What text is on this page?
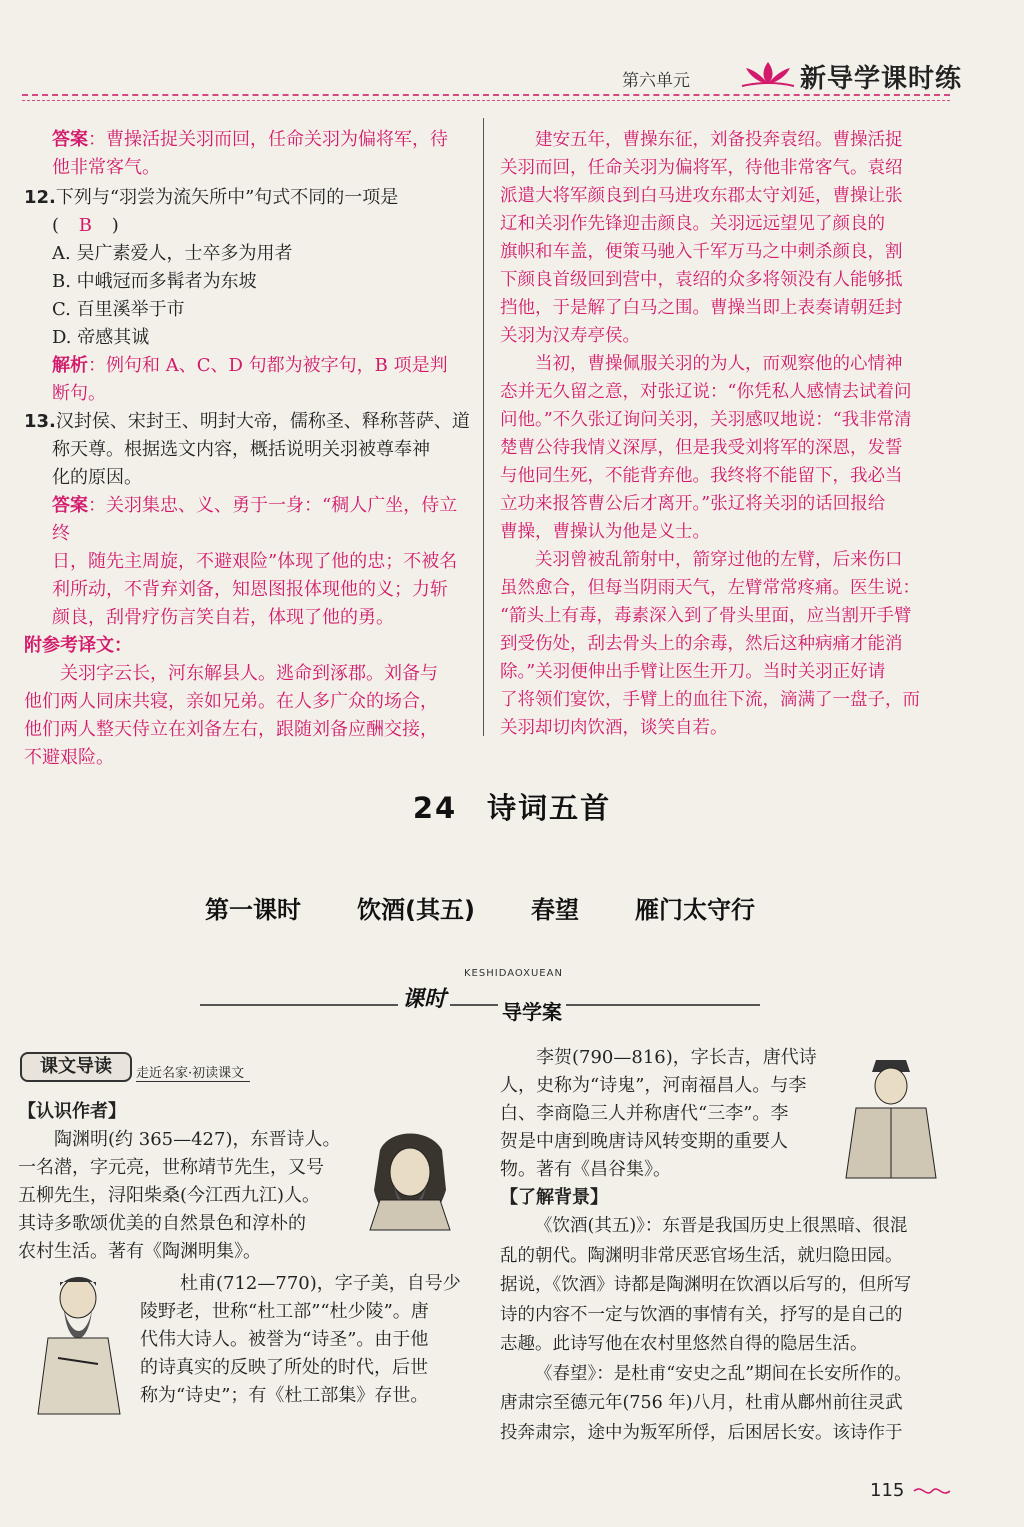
第六单元	新导学课时练
答案：曹操活捉关羽而回，任命关羽为偏将军，待
他非常客气。
12.下列与“羽尝为流矢所中”句式不同的一项是
( B )
A. 吴广素爱人，士卒多为用者
B. 中峨冠而多髯者为东坡
C. 百里溪举于市
D. 帝感其诚
解析：例句和 A、C、D 句都为被字句，B 项是判
断句。
13.汉封侯、宋封王、明封大帝，儒称圣、释称菩萨、道
称天尊。根据选文内容，概括说明关羽被尊奉神
化的原因。
答案：关羽集忠、义、勇于一身：“稠人广坐，侍立终
日，随先主周旋，不避艰险”体现了他的忠；不被名
利所动，不背弃刘备，知恩图报体现他的义；力斩
颜良，刮骨疗伤言笑自若，体现了他的勇。
附参考译文：
关羽字云长，河东解县人。逃命到涿郡。刘备与
他们两人同床共寝，亲如兄弟。在人多广众的场合，
他们两人整天侍立在刘备左右，跟随刘备应酬交接，
不避艰险。
建安五年，曹操东征，刘备投奔袁绍。曹操活捉
关羽而回，任命关羽为偏将军，待他非常客气。袁绍
派遣大将军颜良到白马进攻东郡太守刘延，曹操让张
辽和关羽作先锋迎击颜良。关羽远远望见了颜良的
旗帜和车盖，便策马驰入千军万马之中刺杀颜良，割
下颜良首级回到营中，袁绍的众多将领没有人能够抵
挡他，于是解了白马之围。曹操当即上表奏请朝廷封
关羽为汉寿亭侯。
当初，曹操佩服关羽的为人，而观察他的心情神
态并无久留之意，对张辽说：“你凭私人感情去试着问
问他。”不久张辽询问关羽，关羽感叹地说：“我非常清
楚曹公待我情义深厚，但是我受刘将军的深恩，发誓
与他同生死，不能背弃他。我终将不能留下，我必当
立功来报答曹公后才离开。”张辽将关羽的话回报给
曹操，曹操认为他是义士。
关羽曾被乱箭射中，箭穿过他的左臂，后来伤口
虽然愈合，但每当阴雨天气，左臂常常疼痛。医生说：
“箭头上有毒，毒素深入到了骨头里面，应当割开手臂
到受伤处，刮去骨头上的余毒，然后这种病痛才能消
除。”关羽便伸出手臂让医生开刀。当时关羽正好请
了将领们宴饮，手臂上的血往下流，滴满了一盘子，而
关羽却切肉饮酒，谈笑自若。
24 诗词五首
第一课时 饮酒(其五) 春望 雁门太守行
KESHIDAOXUEAN
课时	导学案
课文导读	走近名家·初读课文
【认识作者】
陶渊明(约 365—427)，东晋诗人。
一名潜，字元亮，世称靖节先生，又号
五柳先生，浔阳柴桑(今江西九江)人。
其诗多歌颂优美的自然景色和淳朴的
农村生活。著有《陶渊明集》。
杜甫(712—770)，字子美，自号少
陵野老，世称“杜工部”“杜少陵”。唐
代伟大诗人。被誉为“诗圣”。由于他
的诗真实的反映了所处的时代，后世
称为“诗史”；有《杜工部集》存世。
李贺(790—816)，字长吉，唐代诗
人，史称为“诗鬼”，河南福昌人。与李
白、李商隐三人并称唐代“三李”。李
贺是中唐到晚唐诗风转变期的重要人
物。著有《昌谷集》。
【了解背景】
《饮酒(其五)》：东晋是我国历史上很黑暗、很混
乱的朝代。陶渊明非常厌恶官场生活，就归隐田园。
据说，《饮酒》诗都是陶渊明在饮酒以后写的，但所写
诗的内容不一定与饮酒的事情有关，抒写的是自己的
志趣。此诗写他在农村里悠然自得的隐居生活。
《春望》：是杜甫“安史之乱”期间在长安所作的。
唐肃宗至德元年(756 年)八月，杜甫从鄜州前往灵武
投奔肃宗，途中为叛军所俘，后困居长安。该诗作于
115
